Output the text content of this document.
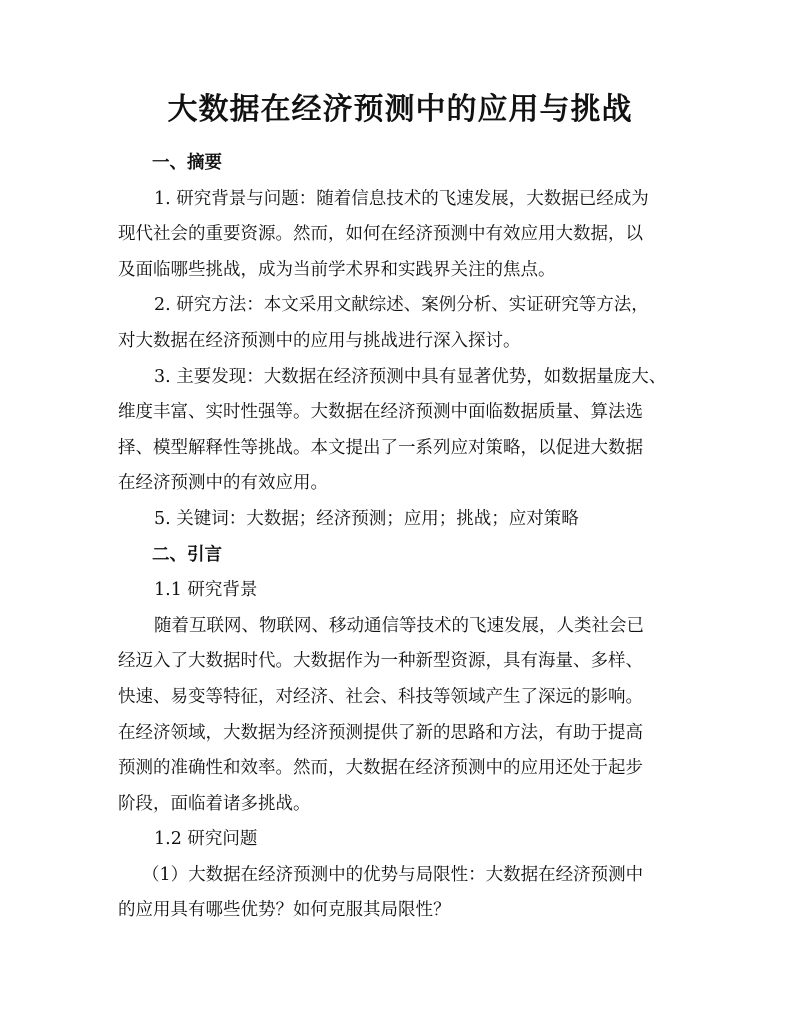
大数据在经济预测中的应用与挑战

一、摘要

1. 研究背景与问题：随着信息技术的飞速发展，大数据已经成为
现代社会的重要资源。然而，如何在经济预测中有效应用大数据，以
及面临哪些挑战，成为当前学术界和实践界关注的焦点。

2. 研究方法：本文采用文献综述、案例分析、实证研究等方法，
对大数据在经济预测中的应用与挑战进行深入探讨。

3. 主要发现：大数据在经济预测中具有显著优势，如数据量庞大、
维度丰富、实时性强等。大数据在经济预测中面临数据质量、算法选
择、模型解释性等挑战。本文提出了一系列应对策略，以促进大数据
在经济预测中的有效应用。

5. 关键词：大数据；经济预测；应用；挑战；应对策略

二、引言

1.1 研究背景

随着互联网、物联网、移动通信等技术的飞速发展，人类社会已
经迈入了大数据时代。大数据作为一种新型资源，具有海量、多样、
快速、易变等特征，对经济、社会、科技等领域产生了深远的影响。
在经济领域，大数据为经济预测提供了新的思路和方法，有助于提高
预测的准确性和效率。然而，大数据在经济预测中的应用还处于起步
阶段，面临着诸多挑战。

1.2 研究问题

（1）大数据在经济预测中的优势与局限性：大数据在经济预测中
的应用具有哪些优势？如何克服其局限性？
